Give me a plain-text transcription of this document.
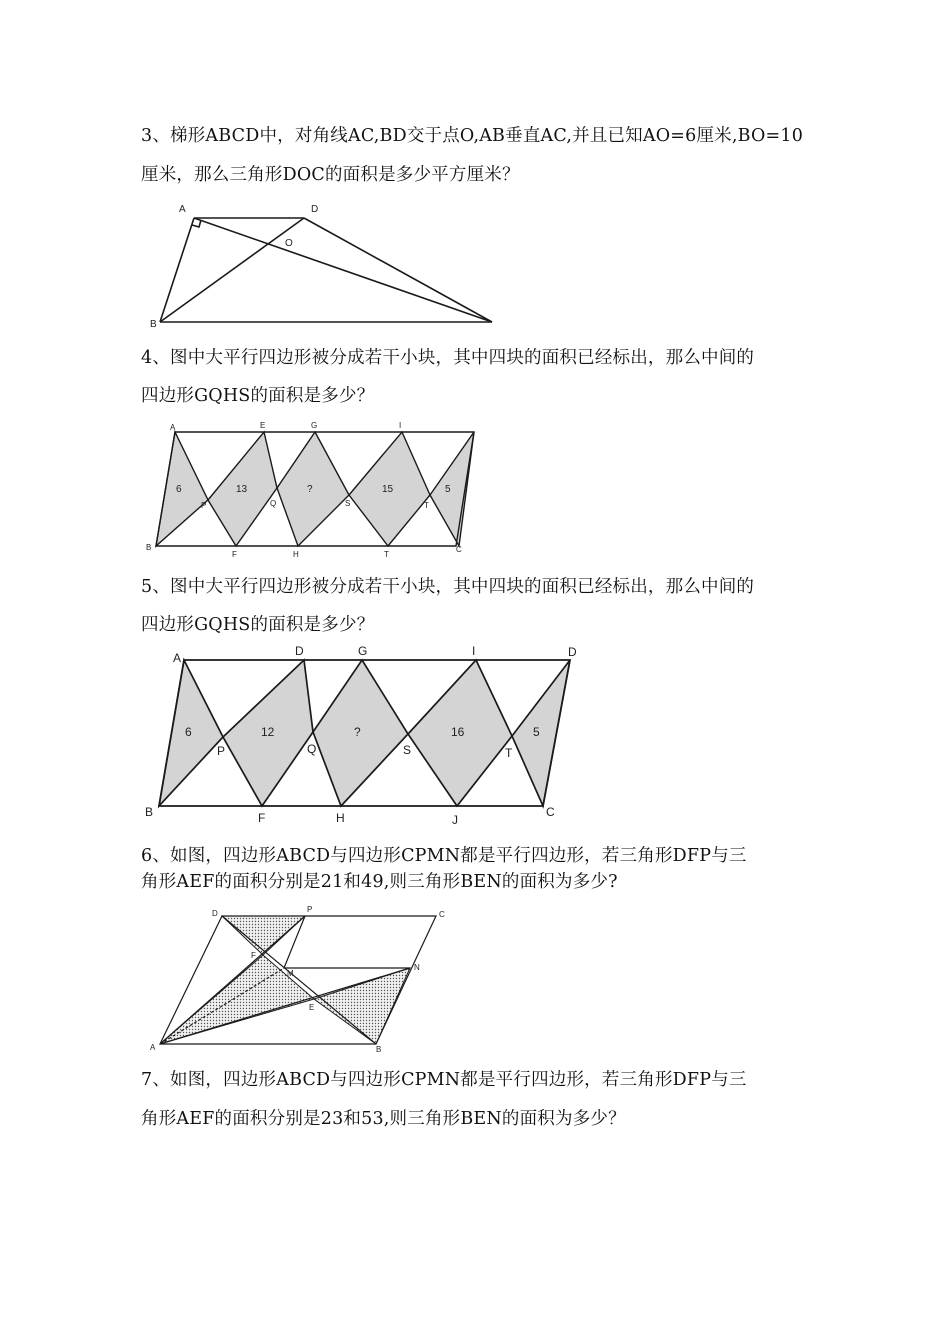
3、梯形ABCD中，对角线AC,BD交于点O,AB垂直AC,并且已知AO=6厘米,BO=10
厘米，那么三角形DOC的面积是多少平方厘米？
A	D
O
B
4、图中大平行四边形被分成若干小块，其中四块的面积已经标出，那么中间的
四边形GQHS的面积是多少？
A	E	G	I
B
F	H	T
C
P	Q	S	T
6	13	?	15	5
5、图中大平行四边形被分成若干小块，其中四块的面积已经标出，那么中间的
四边形GQHS的面积是多少？
A	D	G	I	D
B	F	H	J
C
P	Q	S	T
6	12	?	16	5
6、如图，四边形ABCD与四边形CPMN都是平行四边形，若三角形DFP与三
角形AEF的面积分别是21和49,则三角形BEN的面积为多少?
D	P
C
F
M
N
E
A	B
7、如图，四边形ABCD与四边形CPMN都是平行四边形，若三角形DFP与三
角形AEF的面积分别是23和53,则三角形BEN的面积为多少？
